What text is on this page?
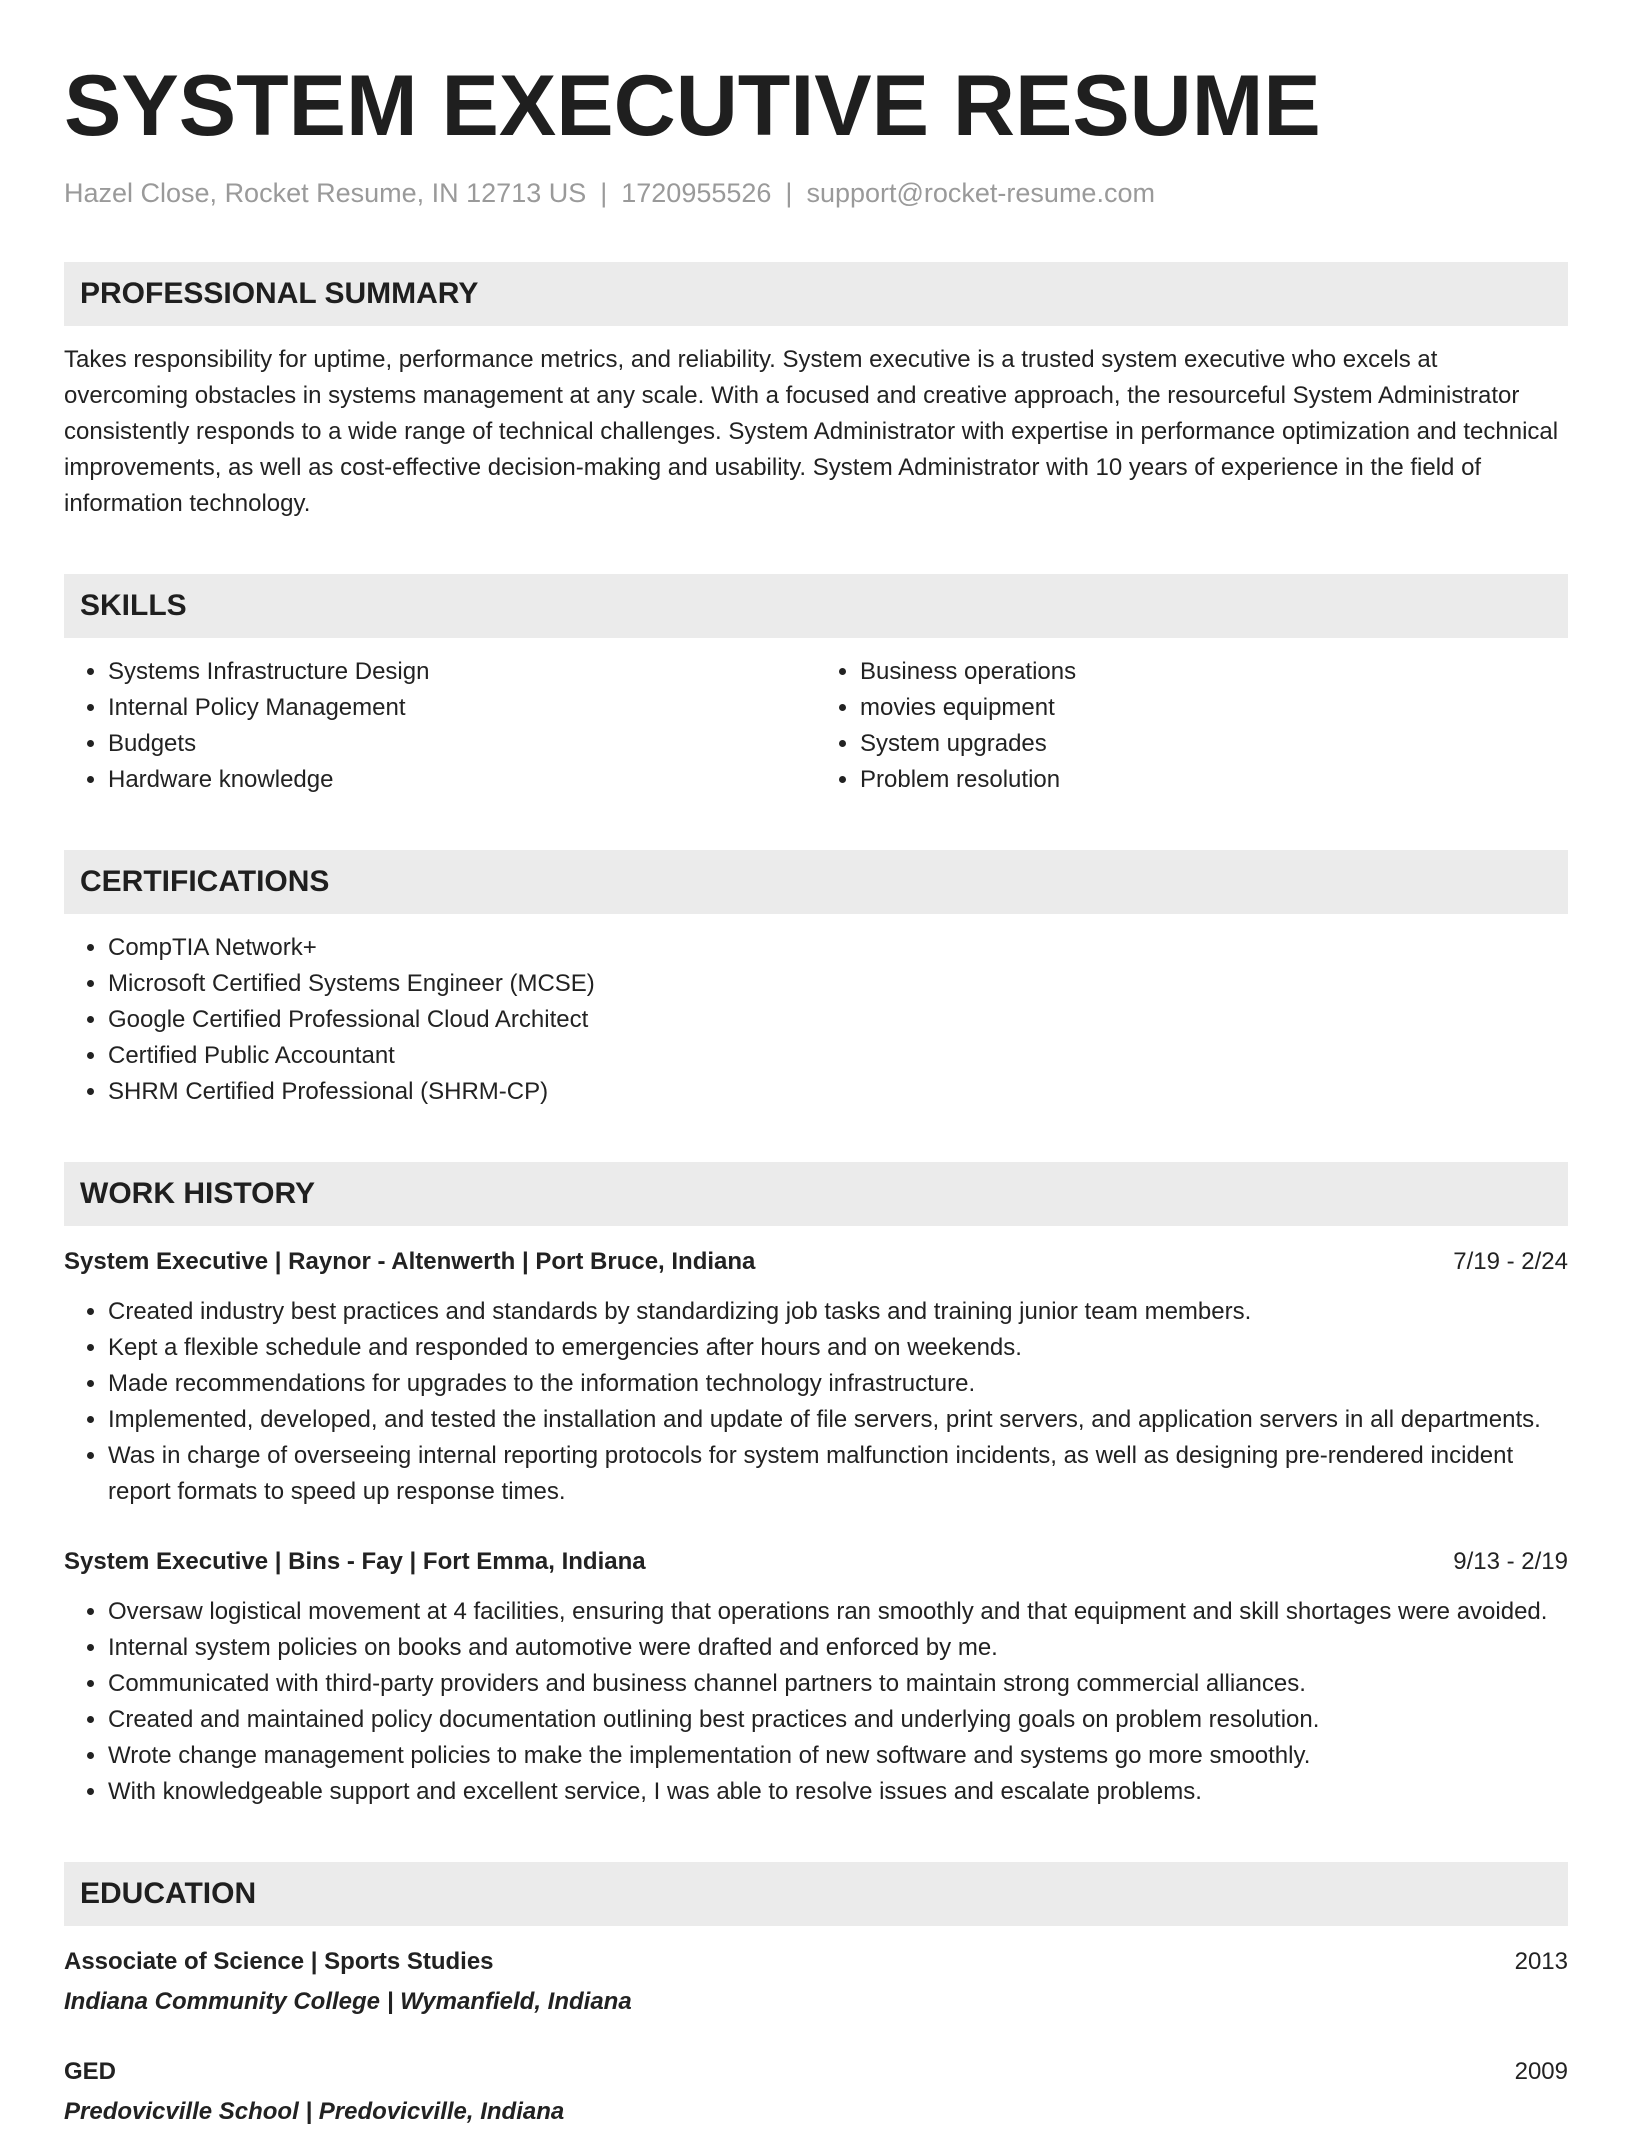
SYSTEM EXECUTIVE RESUME
Hazel Close, Rocket Resume, IN 12713 US | 1720955526 | support@rocket-resume.com
PROFESSIONAL SUMMARY

Takes responsibility for uptime, performance metrics, and reliability. System executive is a trusted system executive who excels at overcoming obstacles in systems management at any scale. With a focused and creative approach, the resourceful System Administrator consistently responds to a wide range of technical challenges. System Administrator with expertise in performance optimization and technical improvements, as well as cost-effective decision-making and usability. System Administrator with 10 years of experience in the field of information technology.

SKILLS
• Systems Infrastructure Design
• Internal Policy Management
• Budgets
• Hardware knowledge
• Business operations
• movies equipment
• System upgrades
• Problem resolution
CERTIFICATIONS
• CompTIA Network+
• Microsoft Certified Systems Engineer (MCSE)
• Google Certified Professional Cloud Architect
• Certified Public Accountant
• SHRM Certified Professional (SHRM-CP)
WORK HISTORY
System Executive | Raynor - Altenwerth | Port Bruce, Indiana	7/19 - 2/24
• Created industry best practices and standards by standardizing job tasks and training junior team members.
• Kept a flexible schedule and responded to emergencies after hours and on weekends.
• Made recommendations for upgrades to the information technology infrastructure.
• Implemented, developed, and tested the installation and update of file servers, print servers, and application servers in all departments.
• Was in charge of overseeing internal reporting protocols for system malfunction incidents, as well as designing pre-rendered incident report formats to speed up response times.
System Executive | Bins - Fay | Fort Emma, Indiana	9/13 - 2/19
• Oversaw logistical movement at 4 facilities, ensuring that operations ran smoothly and that equipment and skill shortages were avoided.
• Internal system policies on books and automotive were drafted and enforced by me.
• Communicated with third-party providers and business channel partners to maintain strong commercial alliances.
• Created and maintained policy documentation outlining best practices and underlying goals on problem resolution.
• Wrote change management policies to make the implementation of new software and systems go more smoothly.
• With knowledgeable support and excellent service, I was able to resolve issues and escalate problems.
EDUCATION
Associate of Science | Sports Studies	2013
Indiana Community College | Wymanfield, Indiana
GED	2009
Predovicville School | Predovicville, Indiana
